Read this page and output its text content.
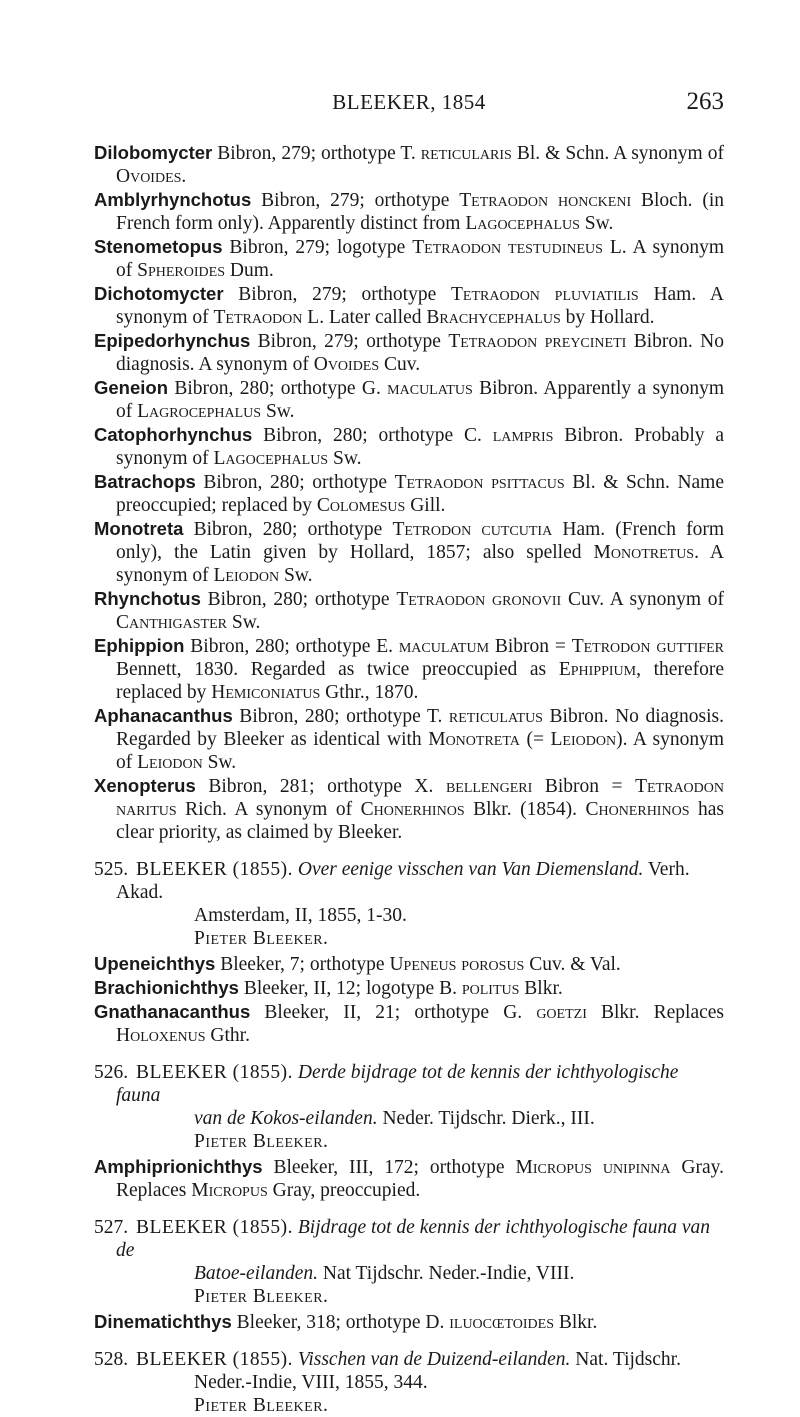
BLEEKER, 1854	263

Dilobomycter Bibron, 279; orthotype T. reticularis Bl. & Schn. A synonym of Ovoides.

Amblyrhynchotus Bibron, 279; orthotype Tetraodon honckeni Bloch. (in French form only). Apparently distinct from Lagocephalus Sw.

Stenometopus Bibron, 279; logotype Tetraodon testudineus L. A synonym of Spheroides Dum.

Dichotomycter Bibron, 279; orthotype Tetraodon pluviatilis Ham. A synonym of Tetraodon L. Later called Brachycephalus by Hollard.

Epipedorhynchus Bibron, 279; orthotype Tetraodon preycineti Bibron. No diagnosis. A synonym of Ovoides Cuv.

Geneion Bibron, 280; orthotype G. maculatus Bibron. Apparently a synonym of Lagrocephalus Sw.

Catophorhynchus Bibron, 280; orthotype C. lampris Bibron. Probably a synonym of Lagocephalus Sw.

Batrachops Bibron, 280; orthotype Tetraodon psittacus Bl. & Schn. Name preoccupied; replaced by Colomesus Gill.

Monotreta Bibron, 280; orthotype Tetrodon cutcutia Ham. (French form only), the Latin given by Hollard, 1857; also spelled Monotretus. A synonym of Leiodon Sw.

Rhynchotus Bibron, 280; orthotype Tetraodon gronovii Cuv. A synonym of Canthigaster Sw.

Ephippion Bibron, 280; orthotype E. maculatum Bibron = Tetrodon guttifer Bennett, 1830. Regarded as twice preoccupied as Ephippium, therefore replaced by Hemiconiatus Gthr., 1870.

Aphanacanthus Bibron, 280; orthotype T. reticulatus Bibron. No diagnosis. Regarded by Bleeker as identical with Monotreta (= Leiodon). A synonym of Leiodon Sw.

Xenopterus Bibron, 281; orthotype X. bellengeri Bibron = Tetraodon naritus Rich. A synonym of Chonerhinos Blkr. (1854). Chonerhinos has clear priority, as claimed by Bleeker.

525. BLEEKER (1855). Over eenige visschen van Van Diemensland. Verh. Akad.

Amsterdam, II, 1855, 1-30.

Pieter Bleeker.

Upeneichthys Bleeker, 7; orthotype Upeneus porosus Cuv. & Val.

Brachionichthys Bleeker, II, 12; logotype B. politus Blkr.

Gnathanacanthus Bleeker, II, 21; orthotype G. goetzi Blkr. Replaces Holoxenus Gthr.

526. BLEEKER (1855). Derde bijdrage tot de kennis der ichthyologische fauna

van de Kokos-eilanden. Neder. Tijdschr. Dierk., III.

Pieter Bleeker.

Amphiprionichthys Bleeker, III, 172; orthotype Micropus unipinna Gray. Replaces Micropus Gray, preoccupied.

527. BLEEKER (1855). Bijdrage tot de kennis der ichthyologische fauna van de

Batoe-eilanden. Nat Tijdschr. Neder.-Indie, VIII.

Pieter Bleeker.

Dinematichthys Bleeker, 318; orthotype D. iluocœtoides Blkr.

528. BLEEKER (1855). Visschen van de Duizend-eilanden. Nat. Tijdschr.

Neder.-Indie, VIII, 1855, 344.

Pieter Bleeker.
